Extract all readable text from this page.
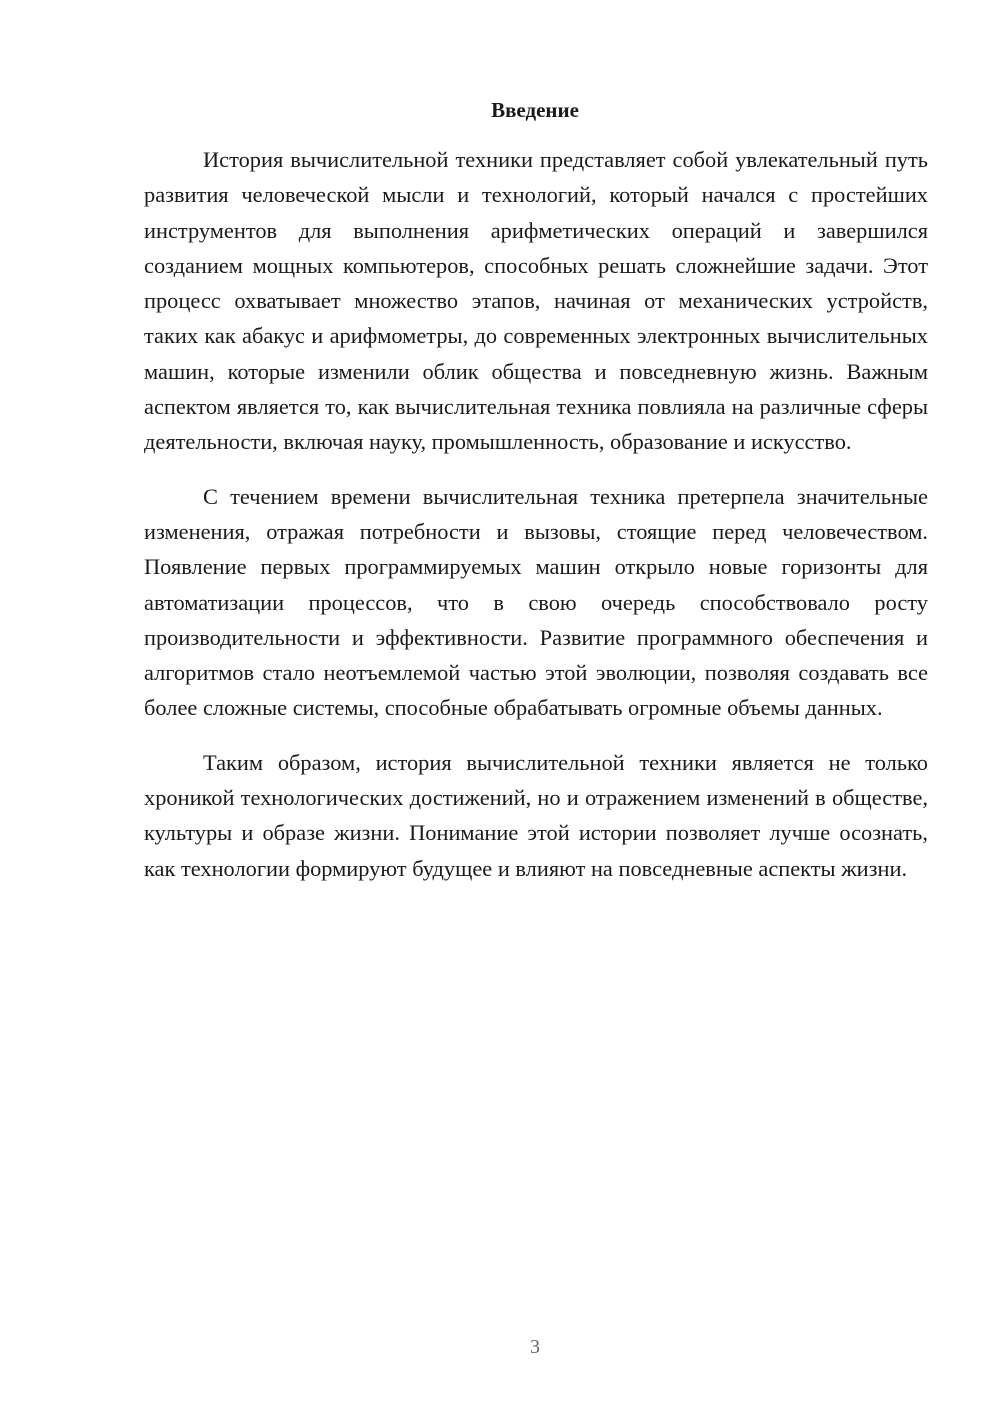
Введение

История вычислительной техники представляет собой увлекательный путь развития человеческой мысли и технологий, который начался с простейших инструментов для выполнения арифметических операций и завершился созданием мощных компьютеров, способных решать сложнейшие задачи. Этот процесс охватывает множество этапов, начиная от механических устройств, таких как абакус и арифмометры, до современных электронных вычислительных машин, которые изменили облик общества и повседневную жизнь. Важным аспектом является то, как вычислительная техника повлияла на различные сферы деятельности, включая науку, промышленность, образование и искусство.

С течением времени вычислительная техника претерпела значительные изменения, отражая потребности и вызовы, стоящие перед человечеством. Появление первых программируемых машин открыло новые горизонты для автоматизации процессов, что в свою очередь способствовало росту производительности и эффективности. Развитие программного обеспечения и алгоритмов стало неотъемлемой частью этой эволюции, позволяя создавать все более сложные системы, способные обрабатывать огромные объемы данных.

Таким образом, история вычислительной техники является не только хроникой технологических достижений, но и отражением изменений в обществе, культуры и образе жизни. Понимание этой истории позволяет лучше осознать, как технологии формируют будущее и влияют на повседневные аспекты жизни.

3
